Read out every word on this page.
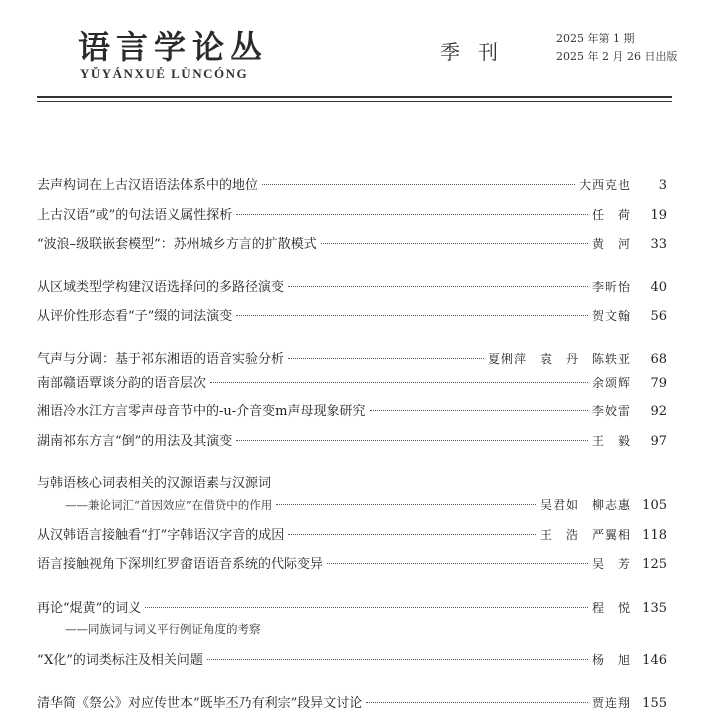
语言学论丛
YǓYÁNXUÉ LÙNCÓNG
季刊
2025 年第 1 期
2025 年 2 月 26 日出版
去声构词在上古汉语语法体系中的地位	大西克也	3
上古汉语“或”的句法语义属性探析	任　荷	19
“波浪–级联嵌套模型”：苏州城乡方言的扩散模式	黄　河	33
从区域类型学构建汉语选择问的多路径演变	李昕怡	40
从评价性形态看“子”缀的词法演变	贺文翰	56
气声与分调：基于祁东湘语的语音实验分析	夏俐萍　袁　丹　陈轶亚	68
南部赣语覃谈分韵的语音层次	余颂辉	79
湘语冷水江方言零声母音节中的-u-介音变m声母现象研究	李姣雷	92
湖南祁东方言“倒”的用法及其演变	王　毅	97
与韩语核心词表相关的汉源语素与汉源词
——兼论词汇“首因效应”在借贷中的作用	吴君如　柳志惠 105
从汉韩语言接触看“打”字韩语汉字音的成因	王　浩　严翼相 118
语言接触视角下深圳红罗畲语语音系统的代际变异	吴　芳 125
再论“焜黄”的词义	程　悦 135
——同族词与词义平行例证角度的考察
“X化”的词类标注及相关问题	杨　旭 146
清华简《祭公》对应传世本“既毕丕乃有利宗”段异文讨论	贾连翔 155
